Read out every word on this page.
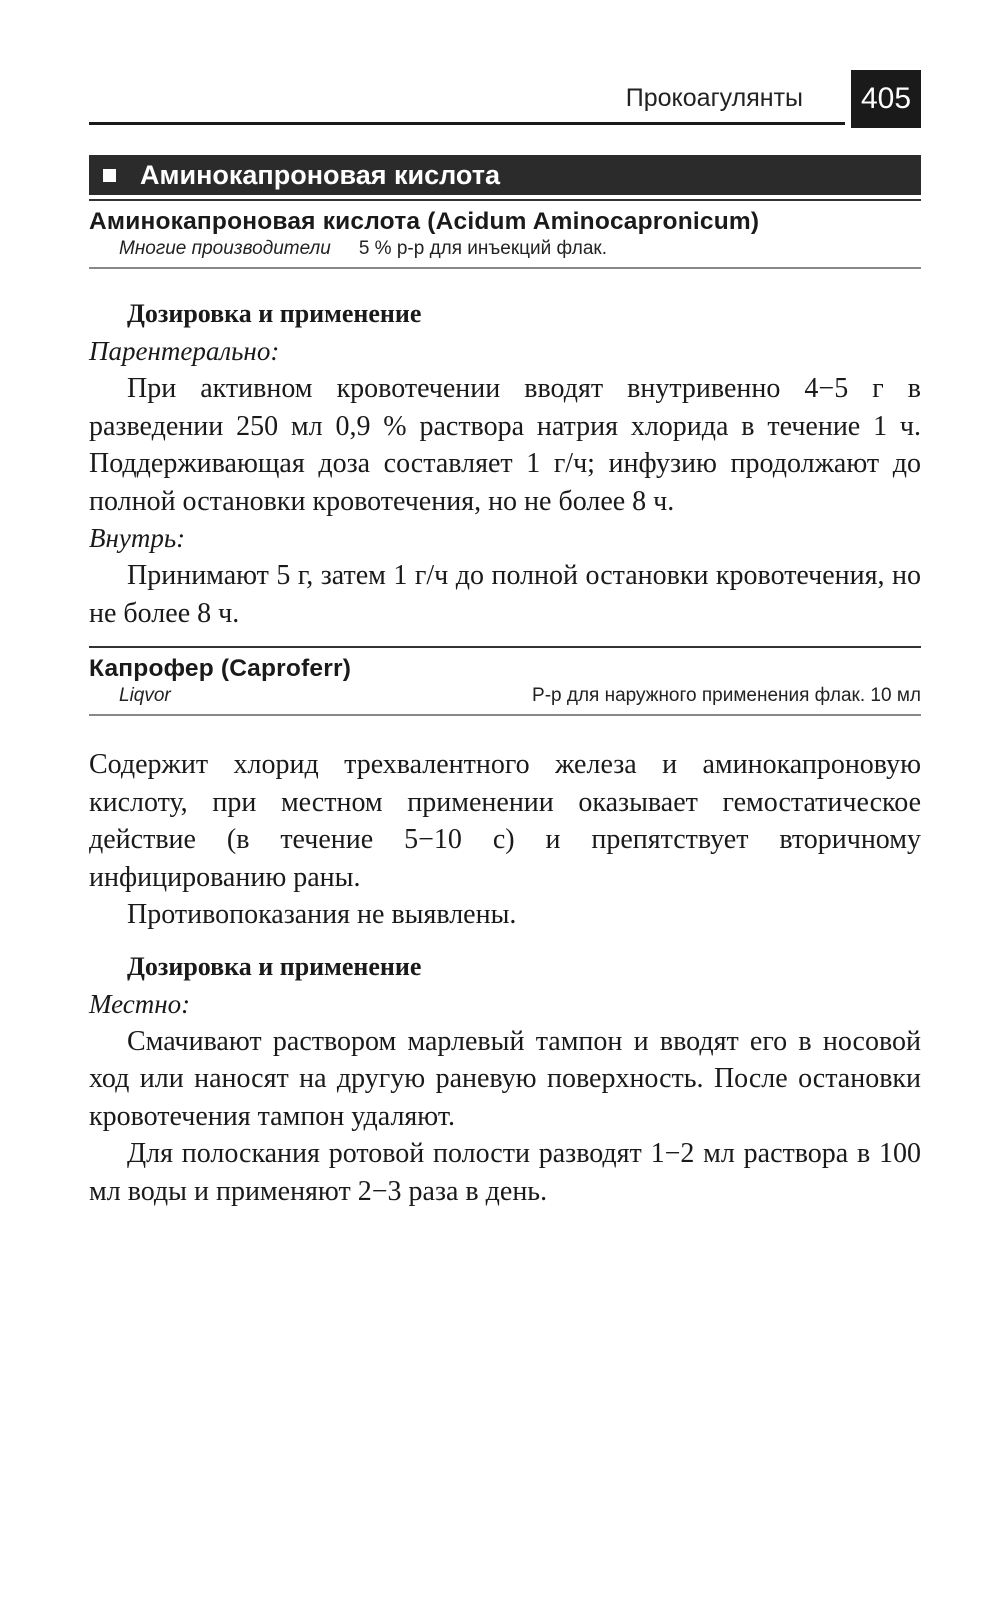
Прокоагулянты	405
Аминокапроновая кислота
Аминокапроновая кислота (Acidum Aminocapronicum)
Многие производители 5 % р-р для инъекций флак.
Дозировка и применение
Парентерально:

При активном кровотечении вводят внутривенно 4−5 г в разведении 250 мл 0,9 % раствора натрия хлорида в течение 1 ч. Поддерживающая доза составляет 1 г/ч; инфузию продолжают до полной остановки кровотечения, но не более 8 ч.

Внутрь:

Принимают 5 г, затем 1 г/ч до полной остановки кровотечения, но не более 8 ч.

Капрофер (Caproferr)
Liqvor	Р-р для наружного применения флак. 10 мл

Содержит хлорид трехвалентного железа и аминокапроновую кислоту, при местном применении оказывает гемостатическое действие (в течение 5−10 с) и препятствует вторичному инфицированию раны.

Противопоказания не выявлены.

Дозировка и применение
Местно:

Смачивают раствором марлевый тампон и вводят его в носовой ход или наносят на другую раневую поверхность. После остановки кровотечения тампон удаляют.

Для полоскания ротовой полости разводят 1−2 мл раствора в 100 мл воды и применяют 2−3 раза в день.
